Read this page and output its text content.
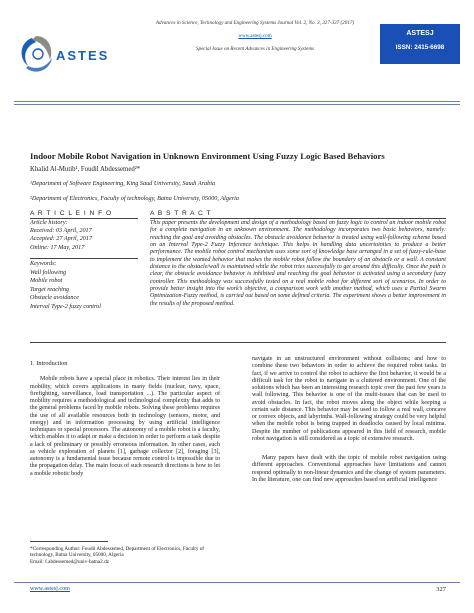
ASTES
Advances in Science, Technology and Engineering Systems Journal Vol. 2, No. 3, 327-337 (2017)
www.astesj.com
Special Issue on Recent Advances in Engineering Systems
ASTESJ
ISSN: 2415-6698
Indoor Mobile Robot Navigation in Unknown Environment Using Fuzzy Logic Based Behaviors
Khalid Al-Mutib¹, Foudil Abdessemed²*
¹Department of Software Engineering, King Saud University, Saudi Arabia
²Department of Electronics, Faculty of technology, Batna University, 05000, Algeria
A R T I C L E I N F O
Article history:
Received: 03 April, 2017
Accepted: 27 April, 2017
Online: 17 May, 2017
Keywords:
Wall following
Mobile robot
Target reaching
Obstacle avoidance
Interval Type-2 fuzzy control
A B S T R A C T
This paper presents the development and design of a methodology based on fuzzy logic to control an indoor mobile robot for a complete navigation in an unknown environment. The methodology incorporates two basic behaviors, namely: reaching the goal and avoiding obstacles. The obstacle avoidance behavior is treated using wall-following scheme based on an Interval Type-2 Fuzzy Inference technique. This helps in handling data uncertainties to produce a better performance. The mobile robot control mechanism uses some sort of knowledge base arranged in a set of fuzzy-rule-base to implement the wanted behavior that makes the mobile robot follow the boundary of an obstacle or a wall. A constant distance to the obstacle/wall is maintained while the robot tries successfully to get around this difficulty. Once the path is clear, the obstacle avoidance behavior is inhibited and reaching the goal behavior is activated using a secondary fuzzy controller. This methodology was successfully tested on a real mobile robot for different sort of scenarios. In order to provide better insight into the work’s objective, a comparison work with another method, which uses a Partial Swarm Optimization-Fuzzy method, is carried out based on some defined criteria. The experiment shows a better improvement in the results of the proposed method.
1. Introduction
Mobile robots have a special place in robotics. Their interest lies in their mobility, which covers applications in many fields (nuclear, navy, space, firefighting, surveillance, load transportation ...). The particular aspect of mobility requires a methodological and technological complexity that adds to the general problems faced by mobile robots. Solving these problems requires the use of all available resources both in technology (sensors, motor, and energy) and in information processing by using artificial intelligence techniques or special processors. The autonomy of a mobile robot is a faculty, which enables it to adapt or make a decision in order to perform a task despite a lack of preliminary or possibly erroneous information. In other cases, such as vehicle exploration of planets [1], garbage collector [2], foraging [3], autonomy is a fundamental issue because remote control is impossible due to the propagation delay. The main focus of such research directions is how to let a mobile robotic body
navigate in an unstructured environment without collisions; and how to combine these two behaviors in order to achieve the required robot tasks. In fact, if we arrive to control the robot to achieve the first behavior, it would be a difficult task for the robot to navigate in a cluttered environment. One of the solutions which has been an interesting research topic over the past few years is wall following. This behavior is one of the multi-issues that can be used to avoid obstacles. In fact, the robot moves along the object while keeping a certain safe distance. This behavior may be used to follow a real wall, concave or convex objects, and labyrinths. Wall-following strategy could be very helpful when the mobile robot is being trapped in deadlocks caused by local minima. Despite the number of publications appeared in this field of research, mobile robot navigation is still considered as a topic of extensive research.
Many papers have dealt with the topic of mobile robot navigation using different approaches. Conventional approaches have limitations and cannot respond optimally to non-linear dynamics and the change of system parameters. In the literature, one can find new approaches based on artificial intelligence
*Corresponding Author: Foudil Abdessemed, Department of Electronics, Faculty of technology, Batna University, 05000, Algeria
Email: f.abdessemed@univ-batna2.dz
www.astesj.com	327
